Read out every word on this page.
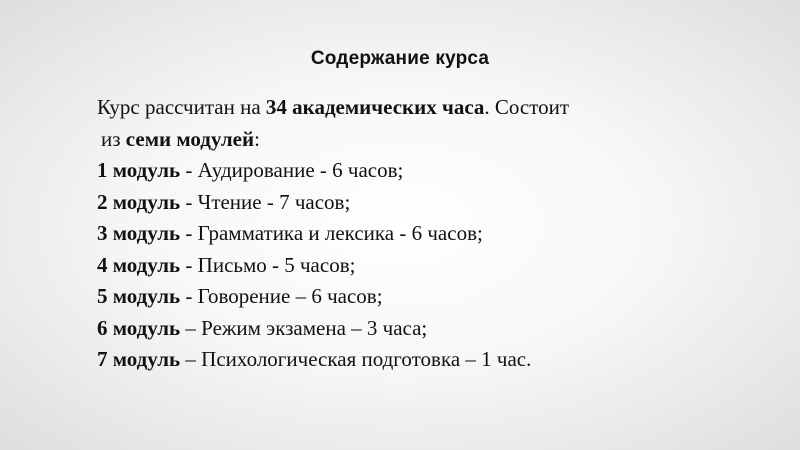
Содержание курса
Курс рассчитан на 34 академических часа. Состоит
из семи модулей:
1 модуль - Аудирование - 6 часов;
2 модуль - Чтение - 7 часов;
3 модуль - Грамматика и лексика - 6 часов;
4 модуль - Письмо - 5 часов;
5 модуль - Говорение – 6 часов;
6 модуль – Режим экзамена – 3 часа;
7 модуль – Психологическая подготовка – 1 час.
